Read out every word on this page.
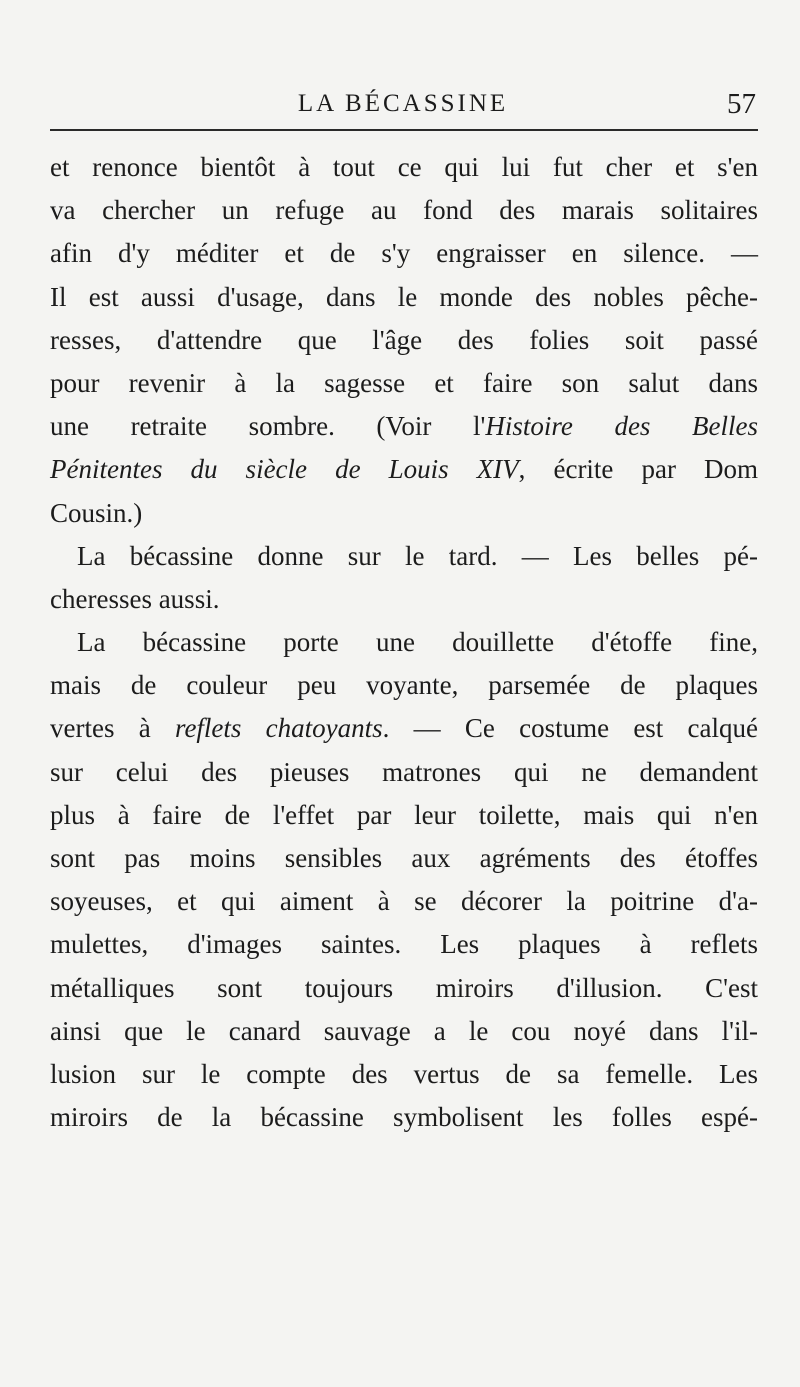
LA BÉCASSINE	57
et renonce bientôt à tout ce qui lui fut cher et s'en
va chercher un refuge au fond des marais solitaires
afin d'y méditer et de s'y engraisser en silence. —
Il est aussi d'usage, dans le monde des nobles pêche-
resses, d'attendre que l'âge des folies soit passé
pour revenir à la sagesse et faire son salut dans
une retraite sombre. (Voir l'Histoire des Belles
Pénitentes du siècle de Louis XIV, écrite par Dom
Cousin.)
La bécassine donne sur le tard. — Les belles pé-
cheresses aussi.
La bécassine porte une douillette d'étoffe fine,
mais de couleur peu voyante, parsemée de plaques
vertes à reflets chatoyants. — Ce costume est calqué
sur celui des pieuses matrones qui ne demandent
plus à faire de l'effet par leur toilette, mais qui n'en
sont pas moins sensibles aux agréments des étoffes
soyeuses, et qui aiment à se décorer la poitrine d'a-
mulettes, d'images saintes. Les plaques à reflets
métalliques sont toujours miroirs d'illusion. C'est
ainsi que le canard sauvage a le cou noyé dans l'il-
lusion sur le compte des vertus de sa femelle. Les
miroirs de la bécassine symbolisent les folles espé-
